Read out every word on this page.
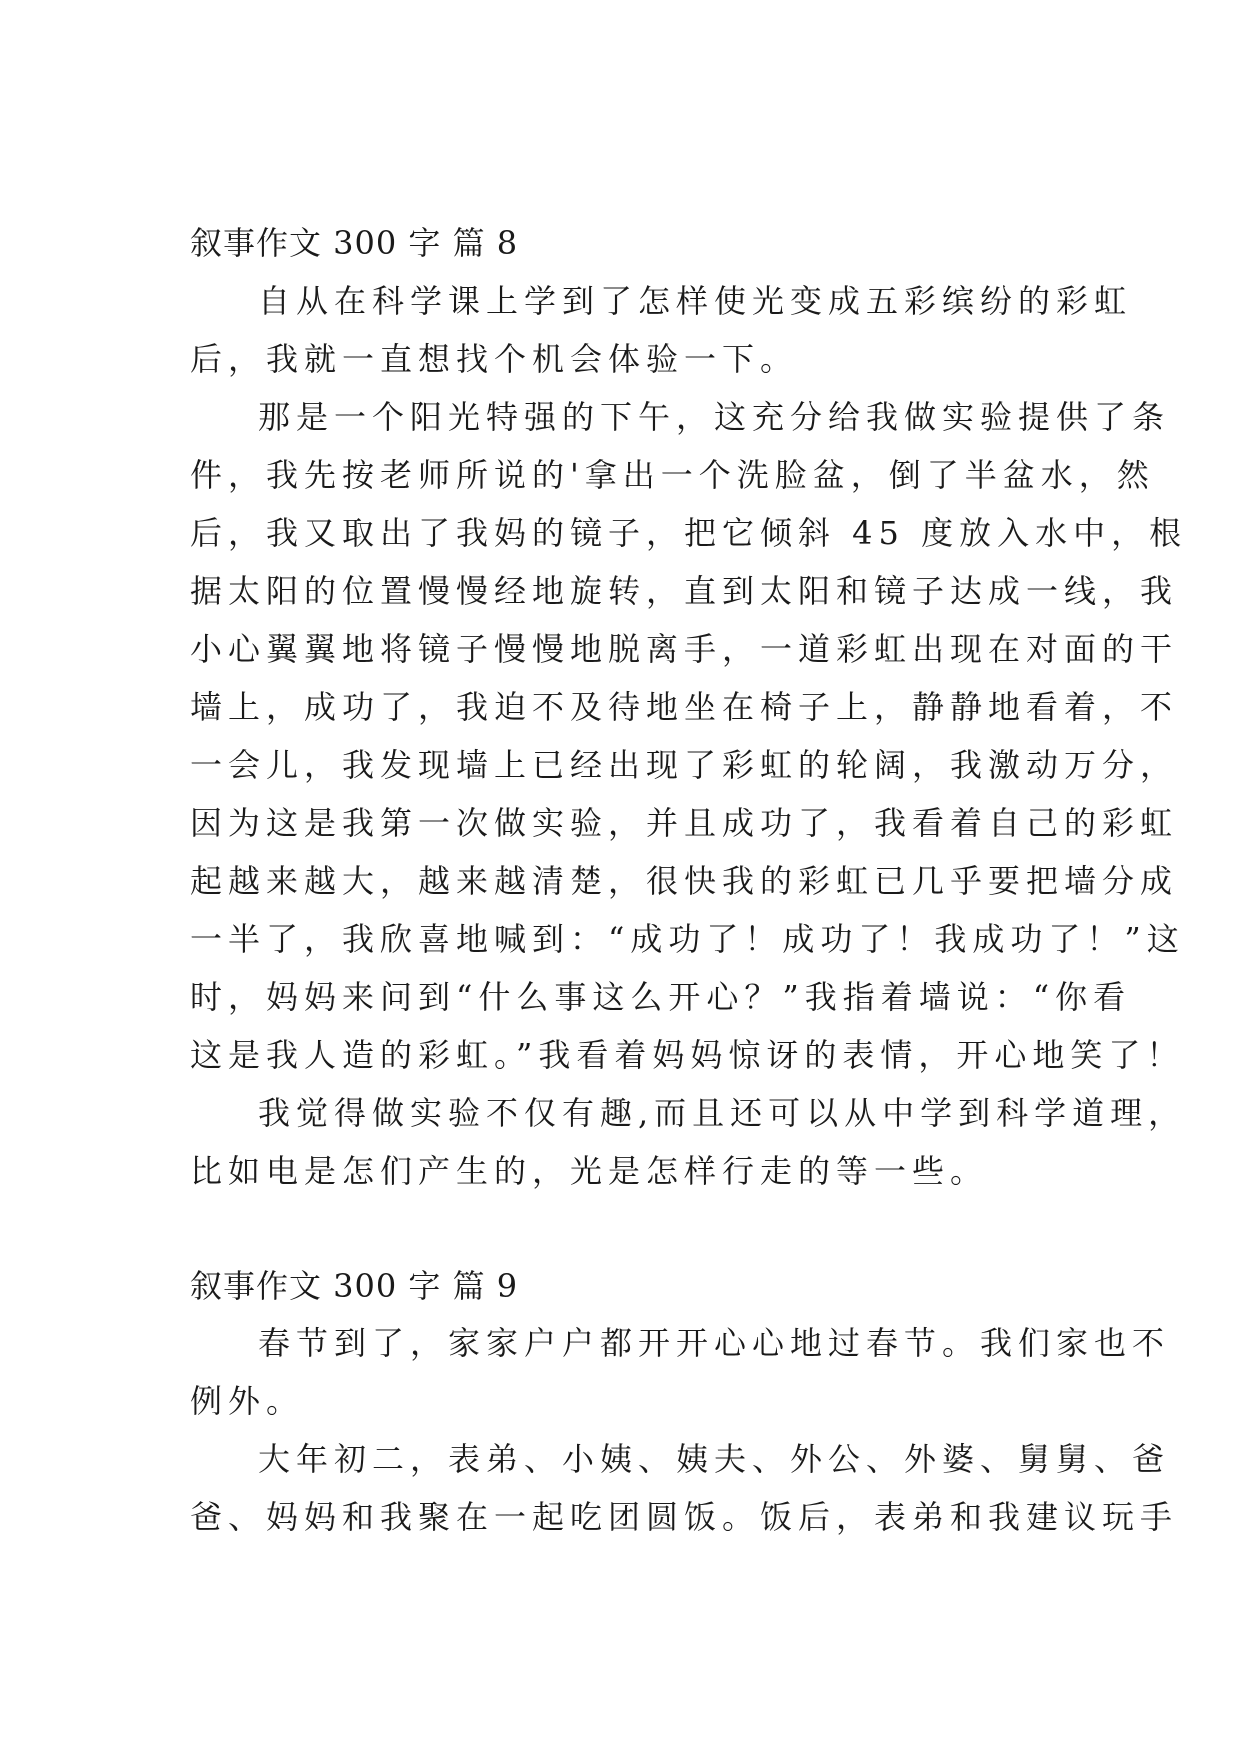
叙事作文 300 字 篇 8
自从在科学课上学到了怎样使光变成五彩缤纷的彩虹
后，我就一直想找个机会体验一下。
那是一个阳光特强的下午，这充分给我做实验提供了条
件，我先按老师所说的'拿出一个洗脸盆，倒了半盆水，然
后，我又取出了我妈的镜子，把它倾斜 45 度放入水中，根
据太阳的位置慢慢经地旋转，直到太阳和镜子达成一线，我
小心翼翼地将镜子慢慢地脱离手，一道彩虹出现在对面的干
墙上，成功了，我迫不及待地坐在椅子上，静静地看着，不
一会儿，我发现墙上已经出现了彩虹的轮阔，我激动万分，
因为这是我第一次做实验，并且成功了，我看着自己的彩虹
起越来越大，越来越清楚，很快我的彩虹已几乎要把墙分成
一半了，我欣喜地喊到：“成功了！成功了！我成功了！”这
时，妈妈来问到“什么事这么开心？”我指着墙说：“你看
这是我人造的彩虹。”我看着妈妈惊讶的表情，开心地笑了！
我觉得做实验不仅有趣,而且还可以从中学到科学道理，
比如电是怎们产生的，光是怎样行走的等一些。
叙事作文 300 字 篇 9
春节到了，家家户户都开开心心地过春节。我们家也不
例外。
大年初二，表弟、小姨、姨夫、外公、外婆、舅舅、爸
爸、妈妈和我聚在一起吃团圆饭。饭后，表弟和我建议玩手
